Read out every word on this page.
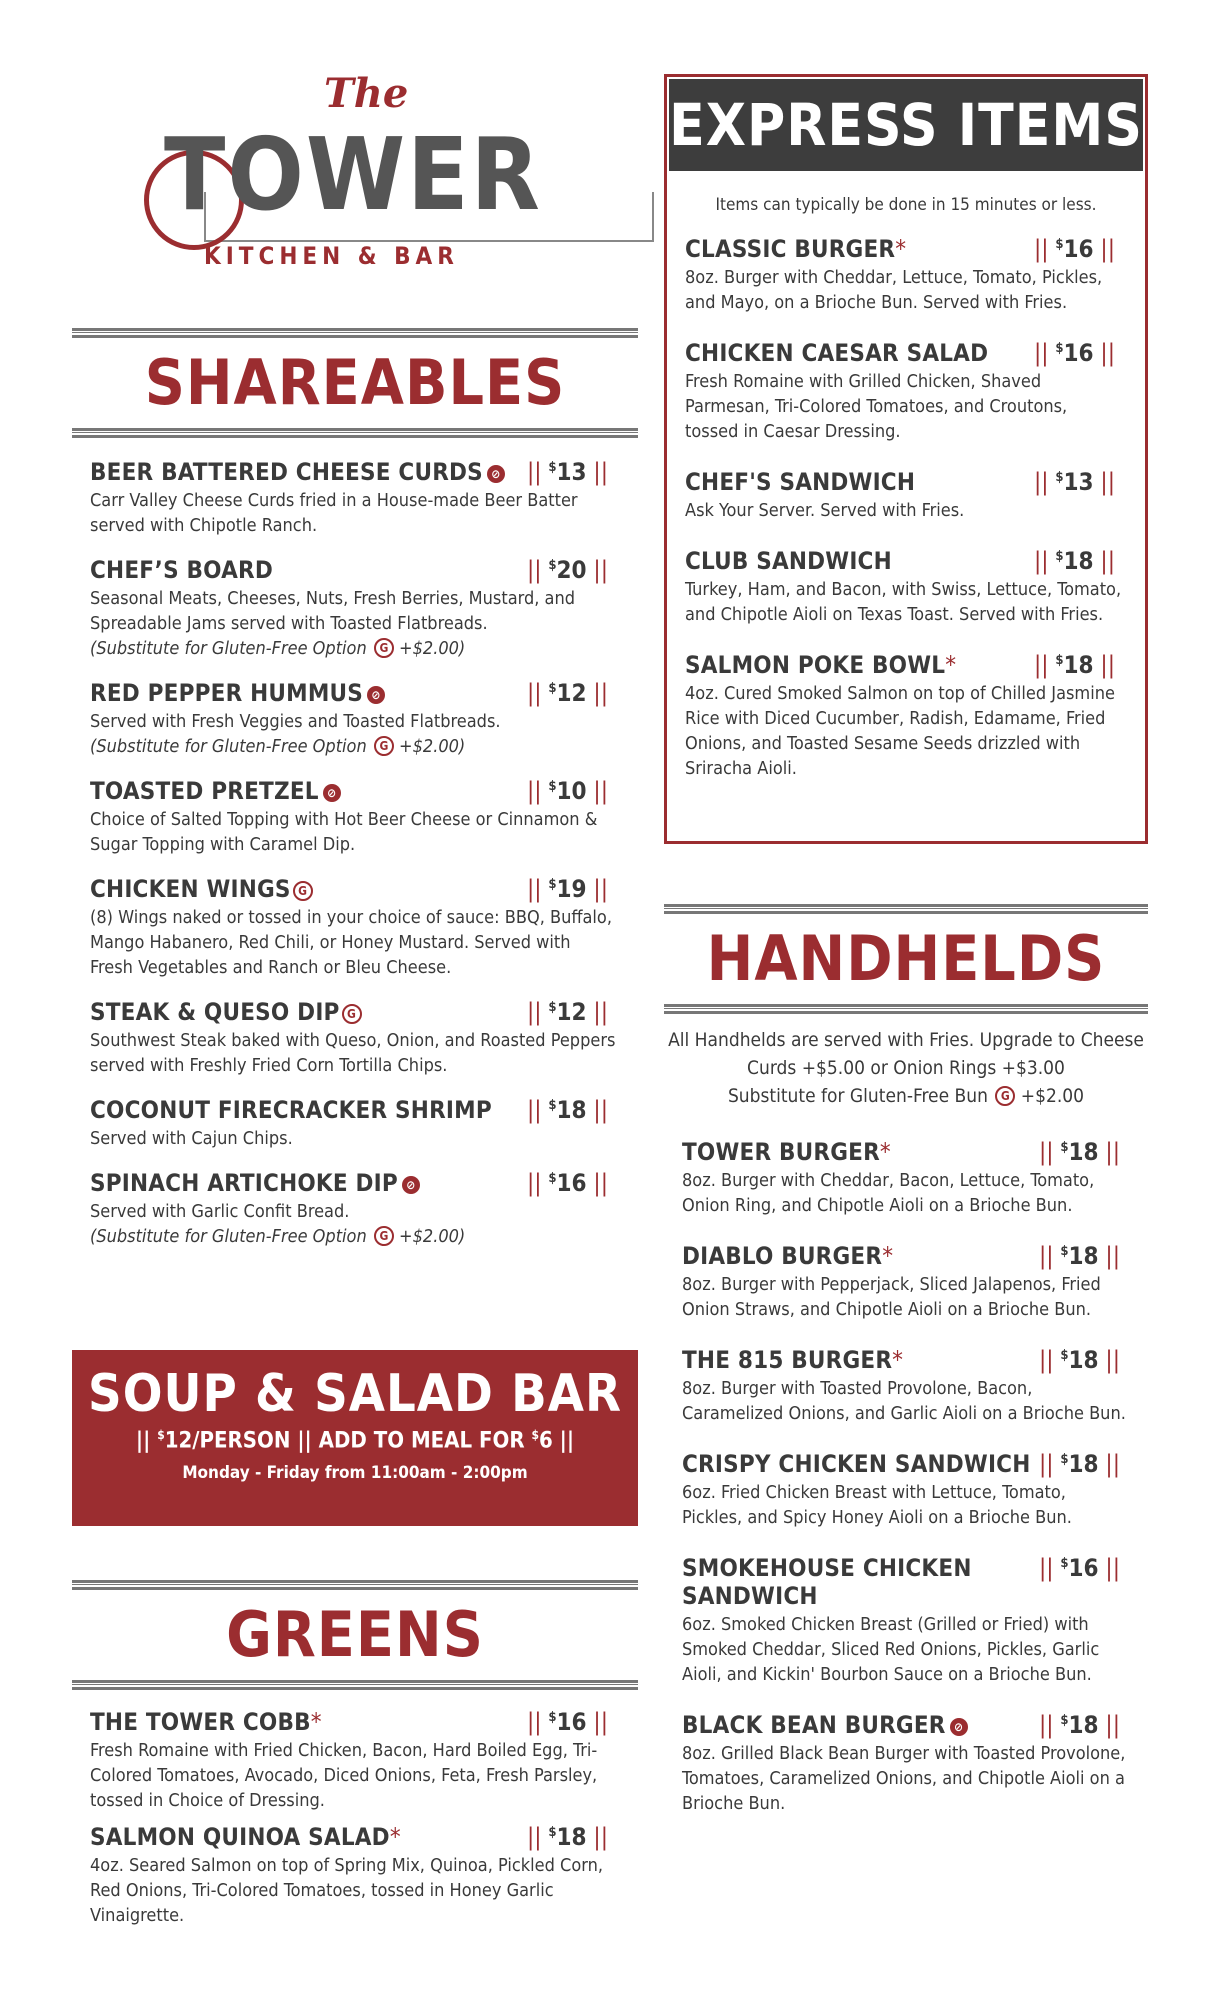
The
TOWER
KITCHEN & BAR
SHAREABLES
BEER BATTERED CHEESE CURDS ⊘ || $13 ||
Carr Valley Cheese Curds fried in a House-made Beer Batter served with Chipotle Ranch.
CHEF’S BOARD	|| $20 ||
Seasonal Meats, Cheeses, Nuts, Fresh Berries, Mustard, and Spreadable Jams served with Toasted Flatbreads.
(Substitute for Gluten-Free Option G +$2.00)
RED PEPPER HUMMUS ⊘	|| $12 ||
Served with Fresh Veggies and Toasted Flatbreads.
(Substitute for Gluten-Free Option G +$2.00)
TOASTED PRETZEL ⊘	|| $10 ||
Choice of Salted Topping with Hot Beer Cheese or Cinnamon & Sugar Topping with Caramel Dip.
CHICKEN WINGS G	|| $19 ||
(8) Wings naked or tossed in your choice of sauce: BBQ, Buffalo, Mango Habanero, Red Chili, or Honey Mustard. Served with Fresh Vegetables and Ranch or Bleu Cheese.
STEAK & QUESO DIP G	|| $12 ||
Southwest Steak baked with Queso, Onion, and Roasted Peppers served with Freshly Fried Corn Tortilla Chips.
COCONUT FIRECRACKER SHRIMP || $18 ||
Served with Cajun Chips.
SPINACH ARTICHOKE DIP ⊘	|| $16 ||
Served with Garlic Confit Bread.
(Substitute for Gluten-Free Option G +$2.00)
SOUP & SALAD BAR
|| $12/PERSON || ADD TO MEAL FOR $6 ||
Monday - Friday from 11:00am - 2:00pm
GREENS
THE TOWER COBB*	|| $16 ||
Fresh Romaine with Fried Chicken, Bacon, Hard Boiled Egg, Tri-Colored Tomatoes, Avocado, Diced Onions, Feta, Fresh Parsley, tossed in Choice of Dressing.
SALMON QUINOA SALAD*	|| $18 ||
4oz. Seared Salmon on top of Spring Mix, Quinoa, Pickled Corn, Red Onions, Tri-Colored Tomatoes, tossed in Honey Garlic Vinaigrette.
EXPRESS ITEMS
Items can typically be done in 15 minutes or less.
CLASSIC BURGER*	|| $16 ||
8oz. Burger with Cheddar, Lettuce, Tomato, Pickles, and Mayo, on a Brioche Bun. Served with Fries.
CHICKEN CAESAR SALAD || $16 ||
Fresh Romaine with Grilled Chicken, Shaved Parmesan, Tri-Colored Tomatoes, and Croutons, tossed in Caesar Dressing.
CHEF'S SANDWICH	|| $13 ||
Ask Your Server. Served with Fries.
CLUB SANDWICH	|| $18 ||
Turkey, Ham, and Bacon, with Swiss, Lettuce, Tomato, and Chipotle Aioli on Texas Toast. Served with Fries.
SALMON POKE BOWL*	|| $18 ||
4oz. Cured Smoked Salmon on top of Chilled Jasmine Rice with Diced Cucumber, Radish, Edamame, Fried Onions, and Toasted Sesame Seeds drizzled with Sriracha Aioli.
HANDHELDS
All Handhelds are served with Fries. Upgrade to Cheese Curds +$5.00 or Onion Rings +$3.00
Substitute for Gluten-Free Bun G +$2.00
TOWER BURGER*	|| $18 ||
8oz. Burger with Cheddar, Bacon, Lettuce, Tomato, Onion Ring, and Chipotle Aioli on a Brioche Bun.
DIABLO BURGER*	|| $18 ||
8oz. Burger with Pepperjack, Sliced Jalapenos, Fried Onion Straws, and Chipotle Aioli on a Brioche Bun.
THE 815 BURGER*	|| $18 ||
8oz. Burger with Toasted Provolone, Bacon, Caramelized Onions, and Garlic Aioli on a Brioche Bun.
CRISPY CHICKEN SANDWICH || $18 ||
6oz. Fried Chicken Breast with Lettuce, Tomato, Pickles, and Spicy Honey Aioli on a Brioche Bun.
SMOKEHOUSE CHICKEN SANDWICH
|| $16 ||
6oz. Smoked Chicken Breast (Grilled or Fried) with Smoked Cheddar, Sliced Red Onions, Pickles, Garlic Aioli, and Kickin' Bourbon Sauce on a Brioche Bun.
BLACK BEAN BURGER ⊘	|| $18 ||
8oz. Grilled Black Bean Burger with Toasted Provolone, Tomatoes, Caramelized Onions, and Chipotle Aioli on a Brioche Bun.
